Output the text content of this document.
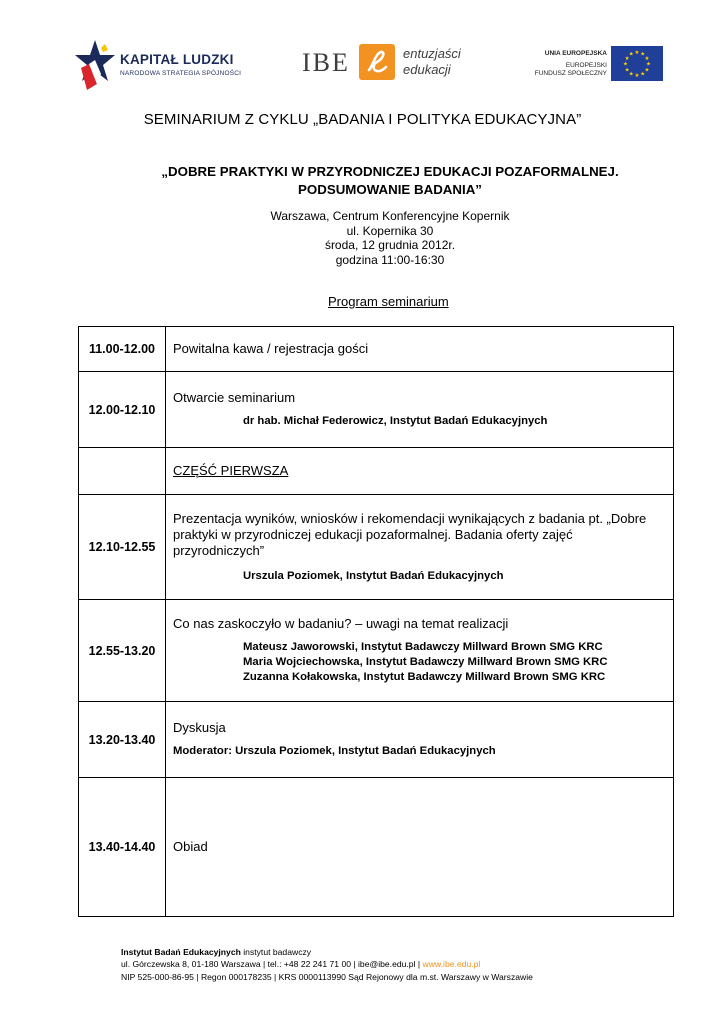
KAPITAŁ LUDZKI
NARODOWA STRATEGIA SPÓJNOŚCI IBE	entuzjaści
edukacji
UNIA EUROPEJSKA
EUROPEJSKI
FUNDUSZ SPOŁECZNY
★ ★
★
★
★
★
★
★
★
★
★
★
SEMINARIUM Z CYKLU „BADANIA I POLITYKA EDUKACYJNA”
„DOBRE PRAKTYKI W PRZYRODNICZEJ EDUKACJI POZAFORMALNEJ.
PODSUMOWANIE BADANIA”
Warszawa, Centrum Konferencyjne Kopernik
ul. Kopernika 30
środa, 12 grudnia 2012r.
godzina 11:00-16:30
Program seminarium
11.00-12.00	Powitalna kawa / rejestracja gości

12.00-12.10	Otwarcie seminarium
dr hab. Michał Federowicz, Instytut Badań Edukacyjnych

	CZĘŚĆ PIERWSZA

12.10-12.55	Prezentacja wyników, wniosków i rekomendacji wynikających z badania pt. „Dobre
praktyki w przyrodniczej edukacji pozaformalnej. Badania oferty zajęć
przyrodniczych”
Urszula Poziomek, Instytut Badań Edukacyjnych

12.55-13.20	Co nas zaskoczyło w badaniu? – uwagi na temat realizacji
Mateusz Jaworowski, Instytut Badawczy Millward Brown SMG KRC
Maria Wojciechowska, Instytut Badawczy Millward Brown SMG KRC
Zuzanna Kołakowska, Instytut Badawczy Millward Brown SMG KRC

13.20-13.40	Dyskusja
Moderator: Urszula Poziomek, Instytut Badań Edukacyjnych

13.40-14.40	Obiad
Instytut Badań Edukacyjnych instytut badawczy
ul. Górczewska 8, 01-180 Warszawa | tel.: +48 22 241 71 00 | ibe@ibe.edu.pl | www.ibe.edu.pl
NIP 525-000-86-95 | Regon 000178235 | KRS 0000113990 Sąd Rejonowy dla m.st. Warszawy w Warszawie
